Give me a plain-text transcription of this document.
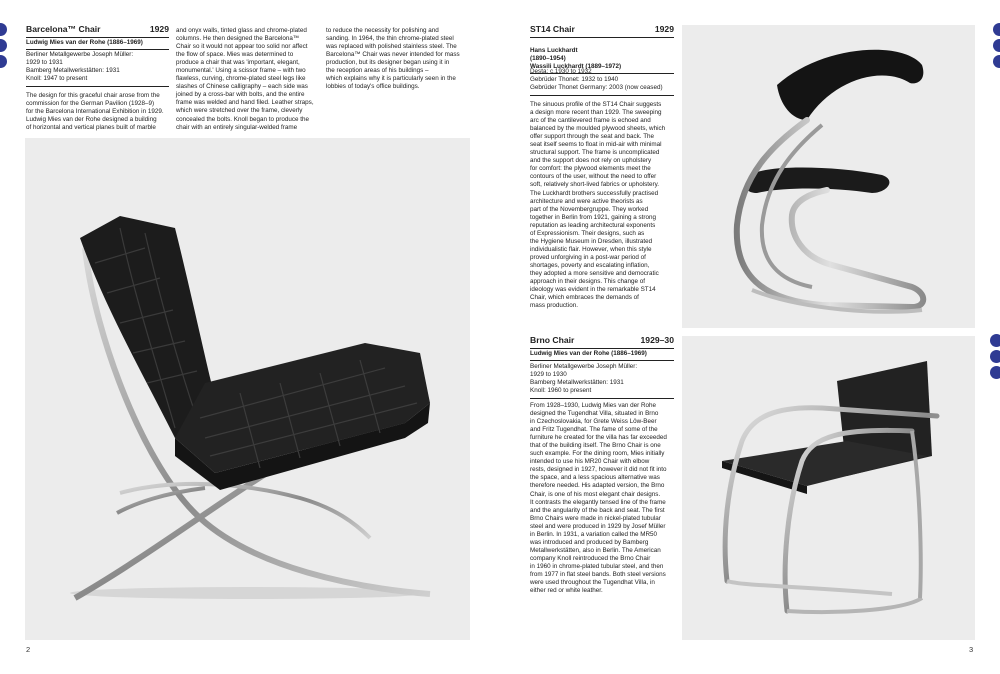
Barcelona™ Chair	1929
Ludwig Mies van der Rohe (1886–1969)
Berliner Metallgewerbe Joseph Müller:
1929 to 1931
Bamberg Metallwerkstätten: 1931
Knoll: 1947 to present

The design for this graceful chair arose from the
commission for the German Pavilion (1928–9)
for the Barcelona International Exhibition in 1929.
Ludwig Mies van der Rohe designed a building
of horizontal and vertical planes built of marble

and onyx walls, tinted glass and chrome-plated
columns. He then designed the Barcelona™
Chair so it would not appear too solid nor affect
the flow of space. Mies was determined to
produce a chair that was 'important, elegant,
monumental.' Using a scissor frame – with two
flawless, curving, chrome-plated steel legs like
slashes of Chinese calligraphy – each side was
joined by a cross-bar with bolts, and the entire
frame was welded and hand filed. Leather straps,
which were stretched over the frame, cleverly
concealed the bolts. Knoll began to produce the
chair with an entirely singular-welded frame

to reduce the necessity for polishing and
sanding. In 1964, the thin chrome-plated steel
was replaced with polished stainless steel. The
Barcelona™ Chair was never intended for mass
production, but its designer began using it in
the reception areas of his buildings –
which explains why it is particularly seen in the
lobbies of today's office buildings.

2
ST14 Chair	1929

Hans Luckhardt
(1890–1954)
Wassili Luckhardt (1889–1972)

Desta: c.1930 to 1932
Gebrüder Thonet: 1932 to 1940
Gebrüder Thonet Germany: 2003 (now ceased)

The sinuous profile of the ST14 Chair suggests
a design more recent than 1929. The sweeping
arc of the cantilevered frame is echoed and
balanced by the moulded plywood sheets, which
offer support through the seat and back. The
seat itself seems to float in mid-air with minimal
structural support. The frame is uncomplicated
and the support does not rely on upholstery
for comfort: the plywood elements meet the
contours of the user, without the need to offer
soft, relatively short-lived fabrics or upholstery.
The Luckhardt brothers successfully practised
architecture and were active theorists as
part of the Novembergruppe. They worked
together in Berlin from 1921, gaining a strong
reputation as leading architectural exponents
of Expressionism. Their designs, such as
the Hygiene Museum in Dresden, illustrated
individualistic flair. However, when this style
proved unforgiving in a post-war period of
shortages, poverty and escalating inflation,
they adopted a more sensitive and democratic
approach in their designs. This change of
ideology was evident in the remarkable ST14
Chair, which embraces the demands of
mass production.

Brno Chair	1929–30
Ludwig Mies van der Rohe (1886–1969)
Berliner Metallgewerbe Joseph Müller:
1929 to 1930
Bamberg Metallwerkstätten: 1931
Knoll: 1960 to present

From 1928–1930, Ludwig Mies van der Rohe
designed the Tugendhat Villa, situated in Brno
in Czechoslovakia, for Grete Weiss Löw-Beer
and Fritz Tugendhat. The fame of some of the
furniture he created for the villa has far exceeded
that of the building itself. The Brno Chair is one
such example. For the dining room, Mies initially
intended to use his MR20 Chair with elbow
rests, designed in 1927, however it did not fit into
the space, and a less spacious alternative was
therefore needed. His adapted version, the Brno
Chair, is one of his most elegant chair designs.
It contrasts the elegantly tensed line of the frame
and the angularity of the back and seat. The first
Brno Chairs were made in nickel-plated tubular
steel and were produced in 1929 by Josef Müller
in Berlin. In 1931, a variation called the MR50
was introduced and produced by Bamberg
Metallwerkstätten, also in Berlin. The American
company Knoll reintroduced the Brno Chair
in 1960 in chrome-plated tubular steel, and then
from 1977 in flat steel bands. Both steel versions
were used throughout the Tugendhat Villa, in
either red or white leather.

3
